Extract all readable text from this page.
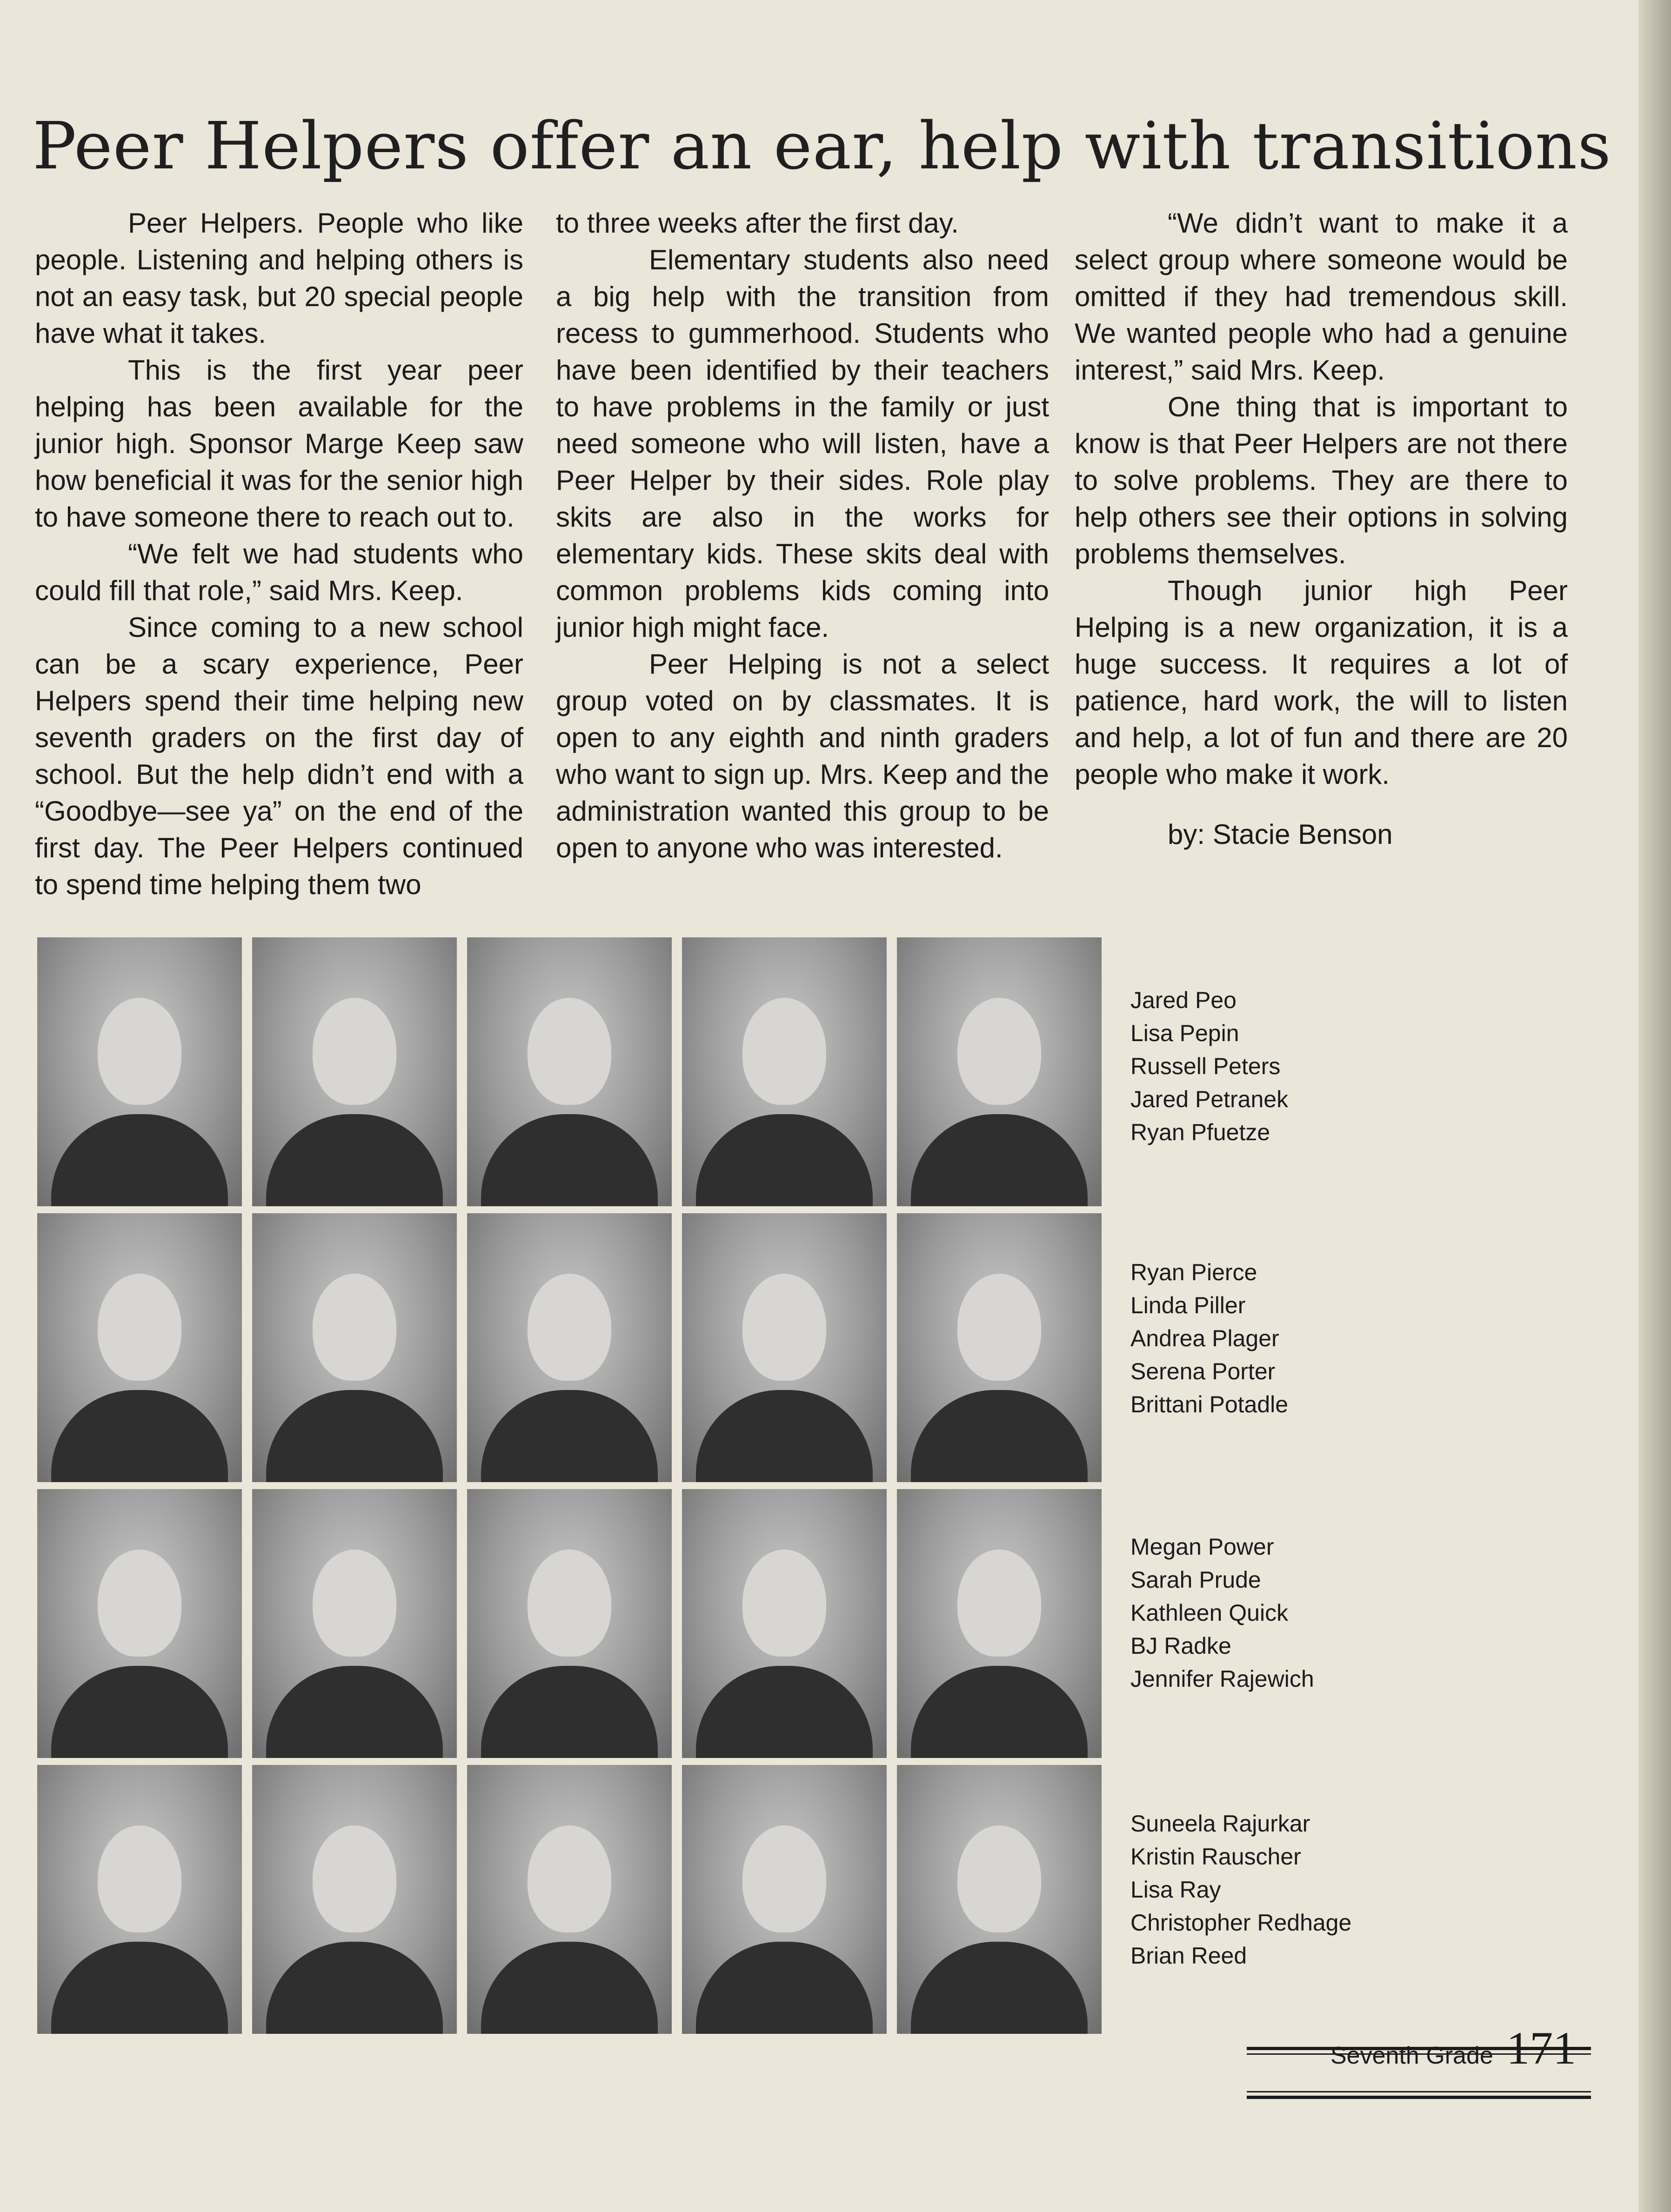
Peer Helpers offer an ear, help with transitions

Peer Helpers. People who like people. Listening and helping others is not an easy task, but 20 special people have what it takes.

This is the first year peer helping has been available for the junior high. Sponsor Marge Keep saw how beneficial it was for the senior high to have someone there to reach out to.

“We felt we had students who could fill that role,” said Mrs. Keep.

Since coming to a new school can be a scary experience, Peer Helpers spend their time helping new seventh graders on the first day of school. But the help didn’t end with a “Goodbye—see ya” on the end of the first day. The Peer Helpers continued to spend time helping them two

to three weeks after the first day.

Elementary students also need a big help with the transition from recess to gummerhood. Students who have been identified by their teachers to have problems in the family or just need someone who will listen, have a Peer Helper by their sides. Role play skits are also in the works for elementary kids. These skits deal with common problems kids coming into junior high might face.

Peer Helping is not a select group voted on by classmates. It is open to any eighth and ninth graders who want to sign up. Mrs. Keep and the administration wanted this group to be open to anyone who was interested.

“We didn’t want to make it a select group where someone would be omitted if they had tremendous skill. We wanted people who had a genuine interest,” said Mrs. Keep.

One thing that is important to know is that Peer Helpers are not there to solve problems. They are there to help others see their options in solving problems themselves.

Though junior high Peer Helping is a new organization, it is a huge success. It requires a lot of patience, hard work, the will to listen and help, a lot of fun and there are 20 people who make it work.

by: Stacie Benson
Jared Peo
Lisa Pepin
Russell Peters
Jared Petranek
Ryan Pfuetze
Ryan Pierce
Linda Piller
Andrea Plager
Serena Porter
Brittani Potadle
Megan Power
Sarah Prude
Kathleen Quick
BJ Radke
Jennifer Rajewich
Suneela Rajurkar
Kristin Rauscher
Lisa Ray
Christopher Redhage
Brian Reed
Seventh Grade 171
